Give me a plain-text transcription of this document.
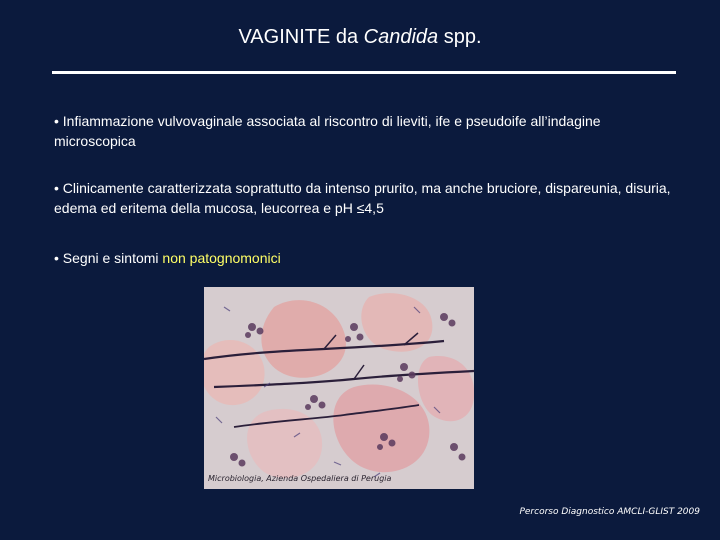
VAGINITE da Candida spp.
• Infiammazione vulvovaginale associata al riscontro di lieviti, ife e pseudoife all’indagine microscopica
• Clinicamente caratterizzata soprattutto da intenso prurito, ma anche bruciore, dispareunia, disuria, edema ed eritema della mucosa, leucorrea e pH ≤4,5
• Segni e sintomi non patognomonici
Microbiologia, Azienda Ospedaliera di Perugia
Percorso Diagnostico AMCLI-GLIST 2009
